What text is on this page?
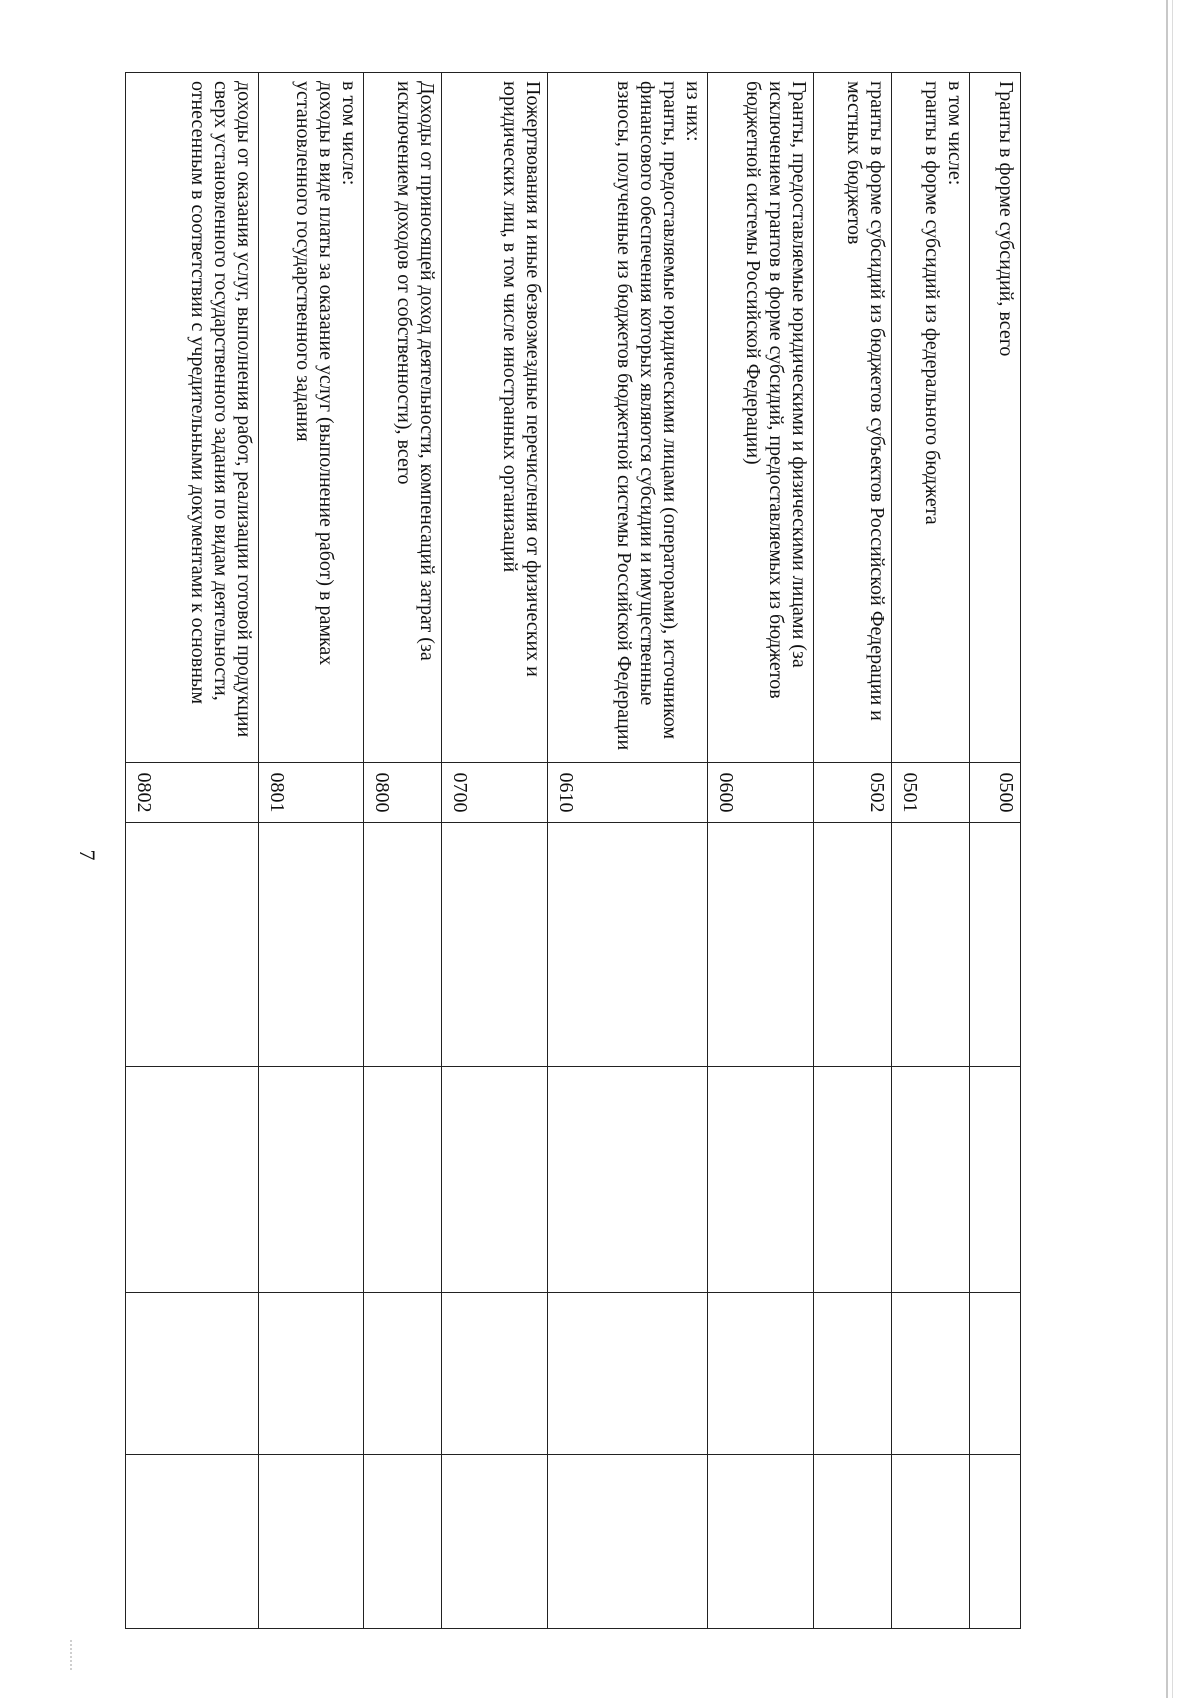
7
Гранты в форме субсидий, всего	0500				

в том числе:
гранты в форме субсидий из федерального бюджета	0501				

гранты в форме субсидий из бюджетов субъектов Российской Федерации и местных бюджетов	0502				

Гранты, предоставляемые юридическими и физическими лицами (за исключением грантов в форме субсидий, предоставляемых из бюджетов бюджетной системы Российской Федерации)	0600				

из них:
гранты, предоставляемые юридическими лицами (операторами), источником финансового обеспечения которых являются субсидии и имущественные взносы, полученные из бюджетов бюджетной системы Российской Федерации	0610				

Пожертвования и иные безвозмездные перечисления от физических и юридических лиц, в том числе иностранных организаций	0700				

Доходы от приносящей доход деятельности, компенсаций затрат (за исключением доходов от собственности), всего	0800				

в том числе:
доходы в виде платы за оказание услуг (выполнение работ) в рамках установленного государственного задания	0801				

доходы от оказания услуг, выполнения работ, реализации готовой продукции сверх установленного государственного задания по видам деятельности, отнесенным в соответствии с учредительными документами к основным	0802				
